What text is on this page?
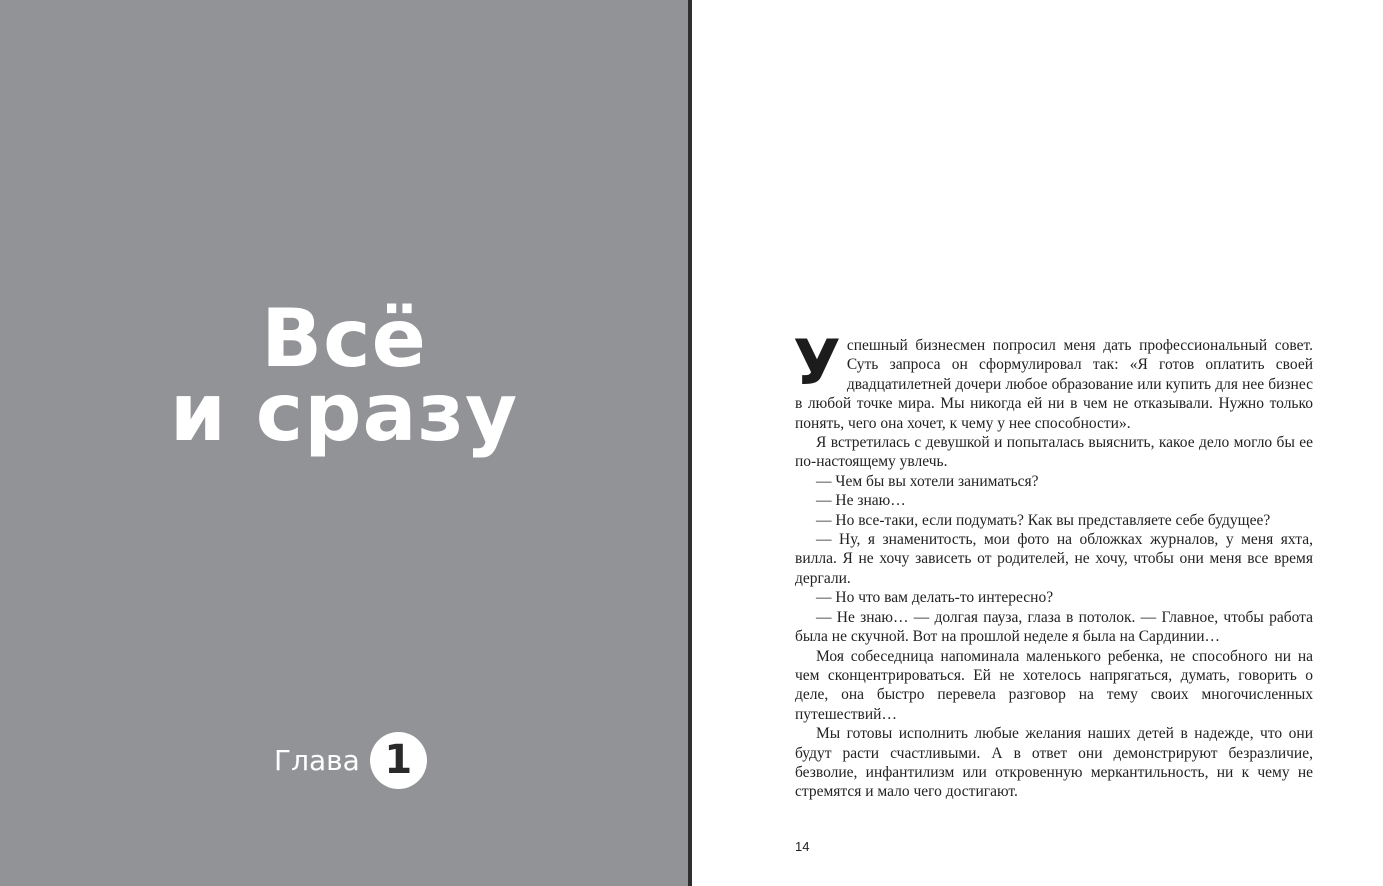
Всё
и сразу
Глава 1

Успешный бизнесмен попросил меня дать профессиональный совет. Суть запроса он сформулировал так: «Я готов оплатить своей двадцатилетней дочери любое образование или купить для нее бизнес в любой точке мира. Мы никогда ей ни в чем не отказывали. Нужно только понять, чего она хочет, к чему у нее способности».

Я встретилась с девушкой и попыталась выяснить, какое дело могло бы ее по-настоящему увлечь.

— Чем бы вы хотели заниматься?

— Не знаю…

— Но все-таки, если подумать? Как вы представляете себе будущее?

— Ну, я знаменитость, мои фото на обложках журналов, у меня яхта, вилла. Я не хочу зависеть от родителей, не хочу, чтобы они меня все время дергали.

— Но что вам делать-то интересно?

— Не знаю… — долгая пауза, глаза в потолок. — Главное, чтобы работа была не скучной. Вот на прошлой неделе я была на Сардинии…

Моя собеседница напоминала маленького ребенка, не способного ни на чем сконцентрироваться. Ей не хотелось напрягаться, думать, говорить о деле, она быстро перевела разговор на тему своих многочисленных путешествий…

Мы готовы исполнить любые желания наших детей в надежде, что они будут расти счастливыми. А в ответ они демонстрируют безразличие, безволие, инфантилизм или откровенную меркантильность, ни к чему не стремятся и мало чего достигают.

14
